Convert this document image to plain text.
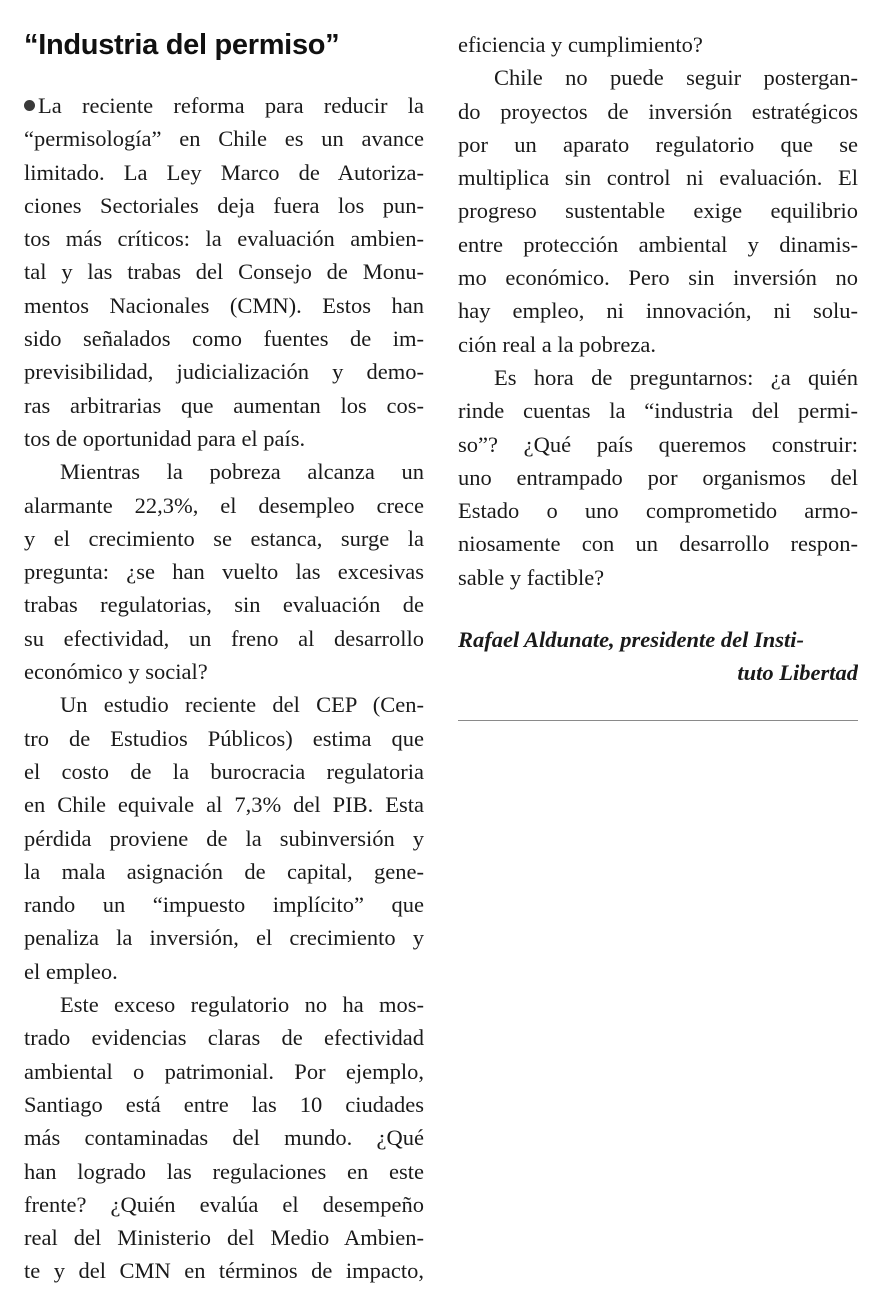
“Industria del permiso”
La reciente reforma para reducir la
“permisología” en Chile es un avance
limitado. La Ley Marco de Autoriza-
ciones Sectoriales deja fuera los pun-
tos más críticos: la evaluación ambien-
tal y las trabas del Consejo de Monu-
mentos Nacionales (CMN). Estos han
sido señalados como fuentes de im-
previsibilidad, judicialización y demo-
ras arbitrarias que aumentan los cos-
tos de oportunidad para el país.
Mientras la pobreza alcanza un
alarmante 22,3%, el desempleo crece
y el crecimiento se estanca, surge la
pregunta: ¿se han vuelto las excesivas
trabas regulatorias, sin evaluación de
su efectividad, un freno al desarrollo
económico y social?
Un estudio reciente del CEP (Cen-
tro de Estudios Públicos) estima que
el costo de la burocracia regulatoria
en Chile equivale al 7,3% del PIB. Esta
pérdida proviene de la subinversión y
la mala asignación de capital, gene-
rando un “impuesto implícito” que
penaliza la inversión, el crecimiento y
el empleo.
Este exceso regulatorio no ha mos-
trado evidencias claras de efectividad
ambiental o patrimonial. Por ejemplo,
Santiago está entre las 10 ciudades
más contaminadas del mundo. ¿Qué
han logrado las regulaciones en este
frente? ¿Quién evalúa el desempeño
real del Ministerio del Medio Ambien-
te y del CMN en términos de impacto,
eficiencia y cumplimiento?
Chile no puede seguir postergan-
do proyectos de inversión estratégicos
por un aparato regulatorio que se
multiplica sin control ni evaluación. El
progreso sustentable exige equilibrio
entre protección ambiental y dinamis-
mo económico. Pero sin inversión no
hay empleo, ni innovación, ni solu-
ción real a la pobreza.
Es hora de preguntarnos: ¿a quién
rinde cuentas la “industria del permi-
so”? ¿Qué país queremos construir:
uno entrampado por organismos del
Estado o uno comprometido armo-
niosamente con un desarrollo respon-
sable y factible?
Rafael Aldunate, presidente del Insti-
tuto Libertad
